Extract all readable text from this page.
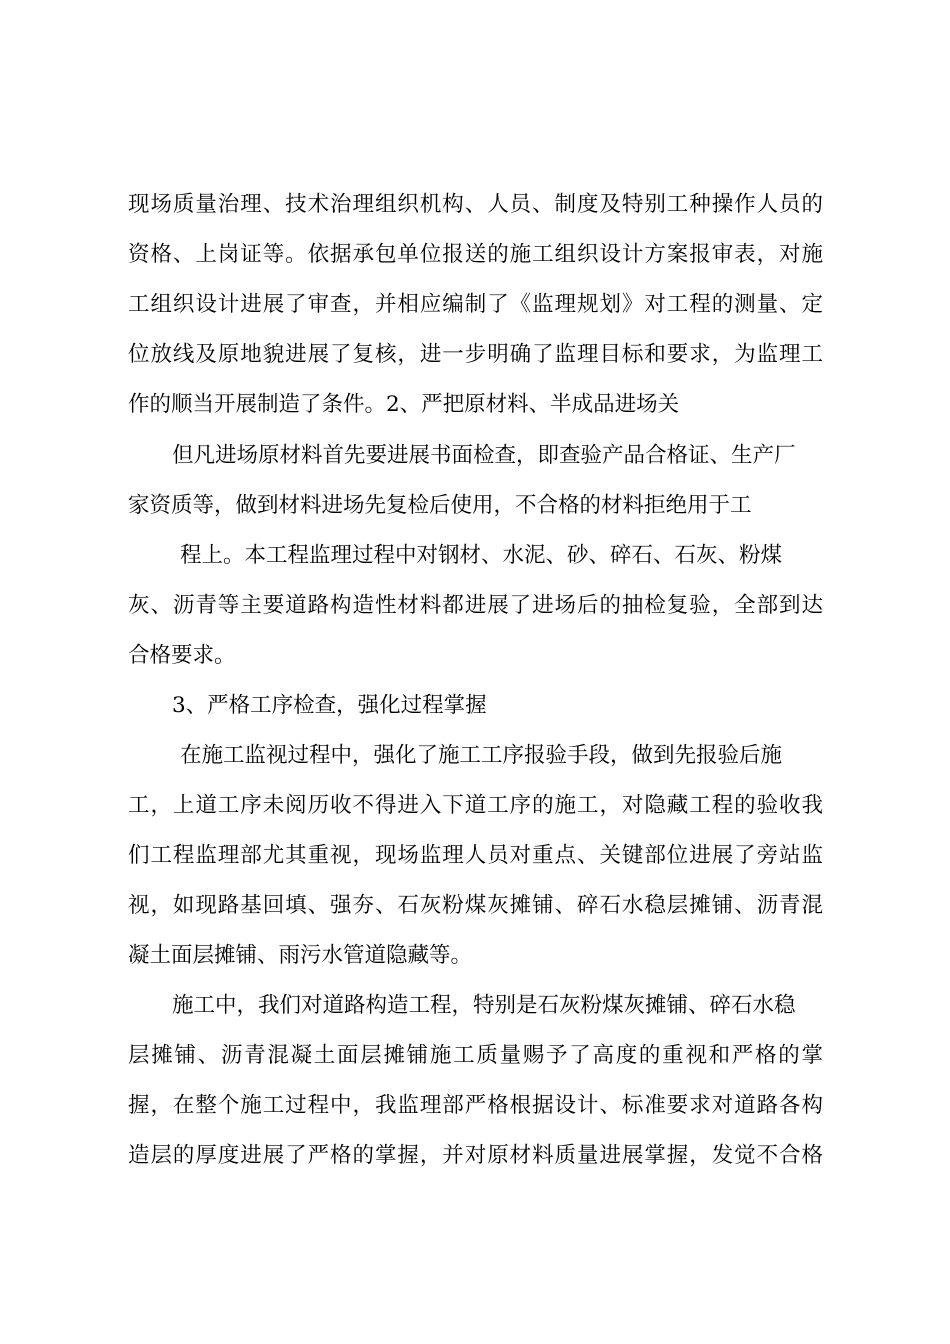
现场质量治理、技术治理组织机构、人员、制度及特别工种操作人员的
资格、上岗证等。依据承包单位报送的施工组织设计方案报审表，对施
工组织设计进展了审查，并相应编制了《监理规划》对工程的测量、定
位放线及原地貌进展了复核，进一步明确了监理目标和要求，为监理工
作的顺当开展制造了条件。2、严把原材料、半成品进场关
但凡进场原材料首先要进展书面检查，即查验产品合格证、生产厂
家资质等，做到材料进场先复检后使用，不合格的材料拒绝用于工
程上。本工程监理过程中对钢材、水泥、砂、碎石、石灰、粉煤
灰、沥青等主要道路构造性材料都进展了进场后的抽检复验，全部到达
合格要求。
3、严格工序检查，强化过程掌握
在施工监视过程中，强化了施工工序报验手段，做到先报验后施
工，上道工序未阅历收不得进入下道工序的施工，对隐藏工程的验收我
们工程监理部尤其重视，现场监理人员对重点、关键部位进展了旁站监
视，如现路基回填、强夯、石灰粉煤灰摊铺、碎石水稳层摊铺、沥青混
凝土面层摊铺、雨污水管道隐藏等。
施工中，我们对道路构造工程，特别是石灰粉煤灰摊铺、碎石水稳
层摊铺、沥青混凝土面层摊铺施工质量赐予了高度的重视和严格的掌
握，在整个施工过程中，我监理部严格根据设计、标准要求对道路各构
造层的厚度进展了严格的掌握，并对原材料质量进展掌握，发觉不合格
